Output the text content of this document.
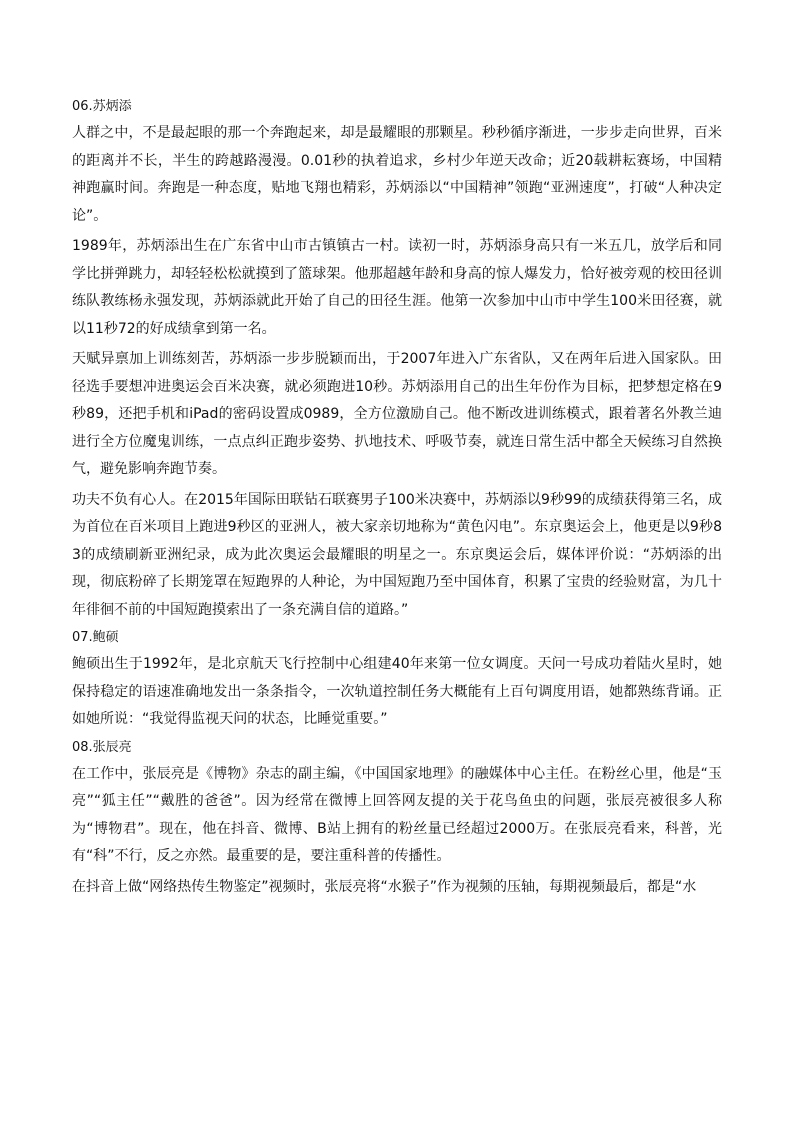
06.苏炳添
人群之中，不是最起眼的那一个奔跑起来，却是最耀眼的那颗星。秒秒循序渐进，一步步走向世界，百米的距离并不长，半生的跨越路漫漫。0.01秒的执着追求，乡村少年逆天改命；近20载耕耘赛场，中国精神跑赢时间。奔跑是一种态度，贴地飞翔也精彩，苏炳添以“中国精神”领跑“亚洲速度”，打破“人种决定论”。
1989年，苏炳添出生在广东省中山市古镇镇古一村。读初一时，苏炳添身高只有一米五几，放学后和同学比拼弹跳力，却轻轻松松就摸到了篮球架。他那超越年龄和身高的惊人爆发力，恰好被旁观的校田径训练队教练杨永强发现，苏炳添就此开始了自己的田径生涯。他第一次参加中山市中学生100米田径赛，就以11秒72的好成绩拿到第一名。
天赋异禀加上训练刻苦，苏炳添一步步脱颖而出，于2007年进入广东省队，又在两年后进入国家队。田径选手要想冲进奥运会百米决赛，就必须跑进10秒。苏炳添用自己的出生年份作为目标，把梦想定格在9秒89，还把手机和iPad的密码设置成0989，全方位激励自己。他不断改进训练模式，跟着著名外教兰迪进行全方位魔鬼训练，一点点纠正跑步姿势、扒地技术、呼吸节奏，就连日常生活中都全天候练习自然换气，避免影响奔跑节奏。
功夫不负有心人。在2015年国际田联钻石联赛男子100米决赛中，苏炳添以9秒99的成绩获得第三名，成为首位在百米项目上跑进9秒区的亚洲人，被大家亲切地称为“黄色闪电”。东京奥运会上，他更是以9秒83的成绩刷新亚洲纪录，成为此次奥运会最耀眼的明星之一。东京奥运会后，媒体评价说：“苏炳添的出现，彻底粉碎了长期笼罩在短跑界的人种论，为中国短跑乃至中国体育，积累了宝贵的经验财富，为几十年徘徊不前的中国短跑摸索出了一条充满自信的道路。”
07.鲍硕
鲍硕出生于1992年，是北京航天飞行控制中心组建40年来第一位女调度。天问一号成功着陆火星时，她保持稳定的语速准确地发出一条条指令，一次轨道控制任务大概能有上百句调度用语，她都熟练背诵。正如她所说：“我觉得监视天问的状态，比睡觉重要。”
08.张辰亮
在工作中，张辰亮是《博物》杂志的副主编，《中国国家地理》的融媒体中心主任。在粉丝心里，他是“玉亮”“狐主任”“戴胜的爸爸”。因为经常在微博上回答网友提的关于花鸟鱼虫的问题，张辰亮被很多人称为“博物君”。现在，他在抖音、微博、B站上拥有的粉丝量已经超过2000万。在张辰亮看来，科普，光有“科”不行，反之亦然。最重要的是，要注重科普的传播性。
在抖音上做“网络热传生物鉴定”视频时，张辰亮将“水猴子”作为视频的压轴，每期视频最后，都是“水
